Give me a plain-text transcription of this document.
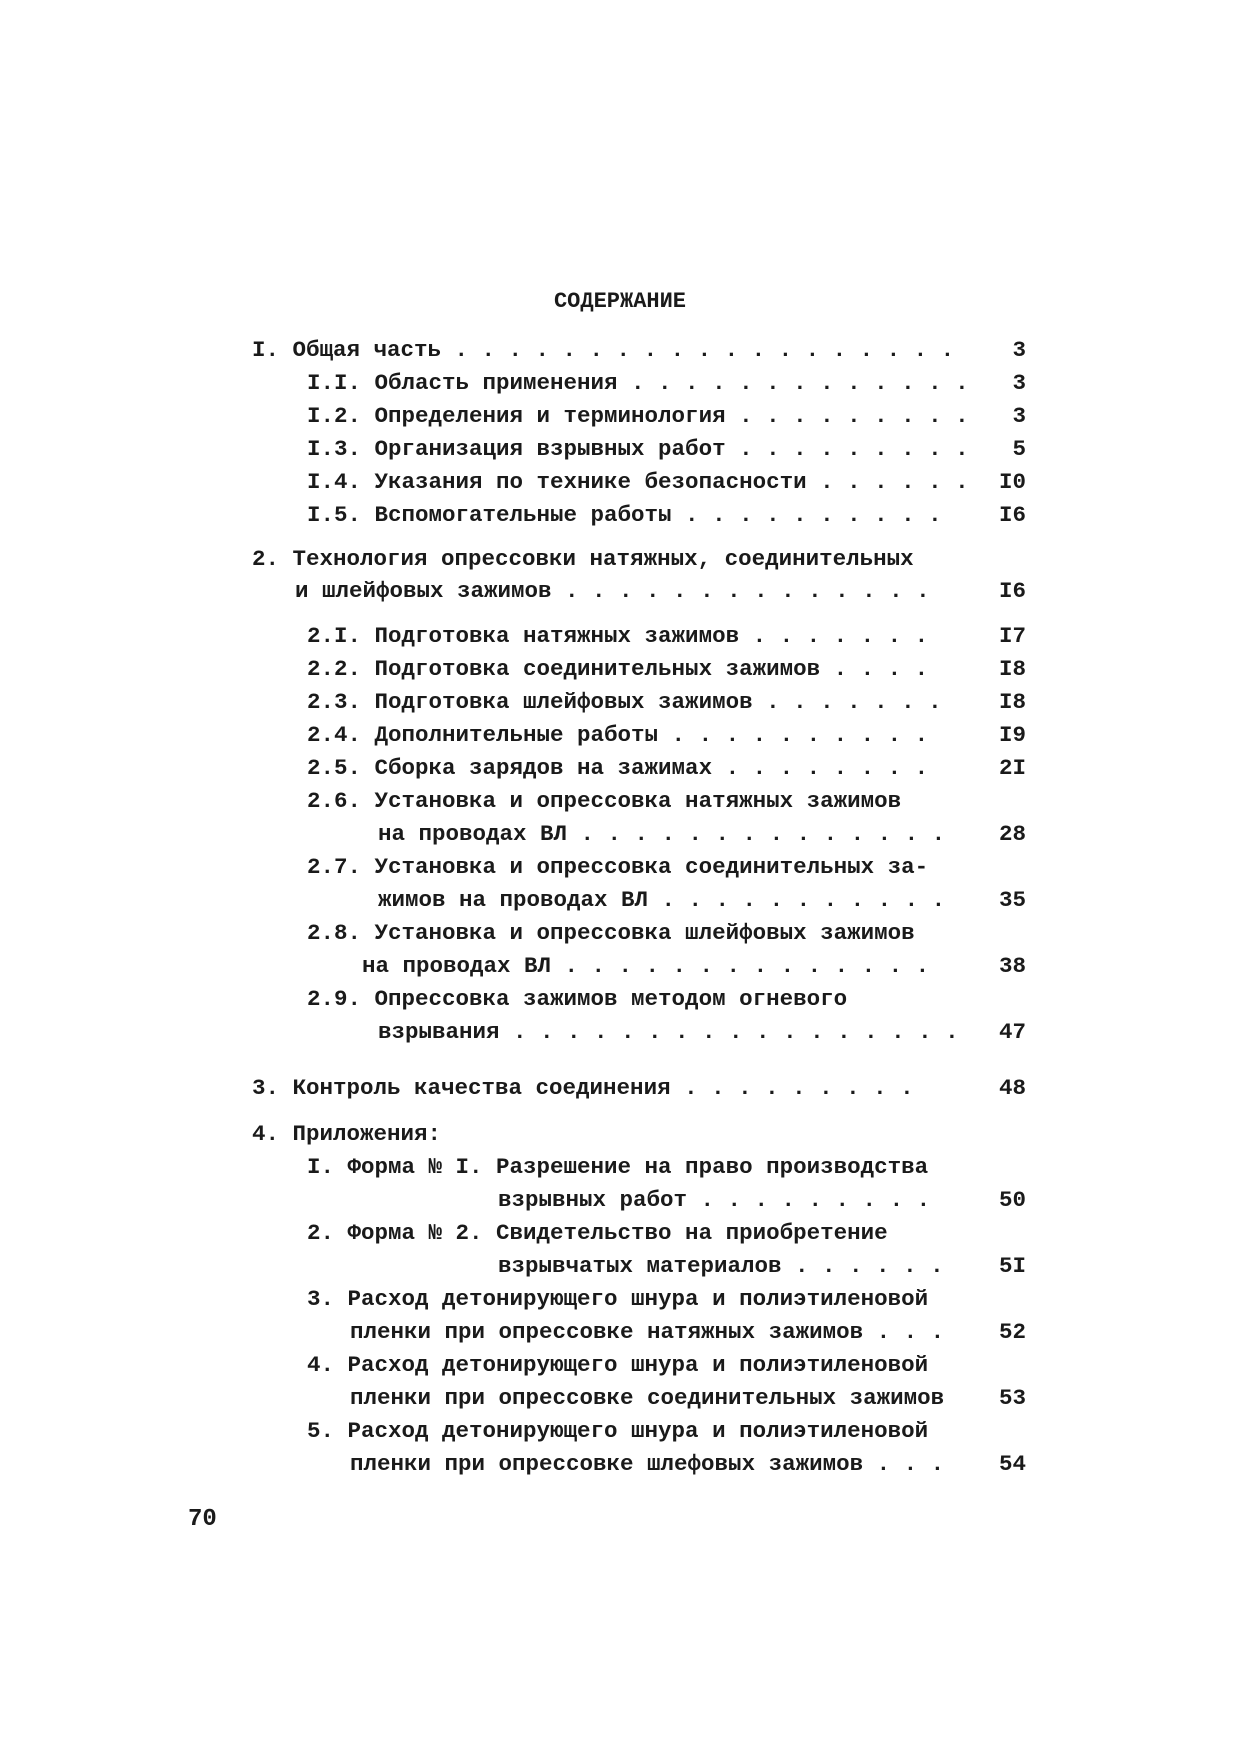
СОДЕРЖАНИЕ
I. Общая часть . . . . . . . . . . . . . . . . . . .	3
I.I. Область применения . . . . . . . . . . . . . 3
I.2. Определения и терминология . . . . . . . . . 3
I.3. Организация взрывных работ . . . . . . . . . 5
I.4. Указания по технике безопасности . . . . . . I0
I.5. Вспомогательные работы . . . . . . . . . .	I6
2. Технология опрессовки натяжных, соединительных
и шлейфовых зажимов . . . . . . . . . . . . . .	I6
2.I. Подготовка натяжных зажимов . . . . . . .	I7
2.2. Подготовка соединительных зажимов . . . .	I8
2.3. Подготовка шлейфовых зажимов . . . . . . .	I8
2.4. Дополнительные работы . . . . . . . . . .	I9
2.5. Сборка зарядов на зажимах . . . . . . . .	2I
2.6. Установка и опрессовка натяжных зажимов
на проводах ВЛ . . . . . . . . . . . . . . 28
2.7. Установка и опрессовка соединительных за-
жимов на проводах ВЛ . . . . . . . . . . . 35
2.8. Установка и опрессовка шлейфовых зажимов
на проводах ВЛ . . . . . . . . . . . . . .	38
2.9. Опрессовка зажимов методом огневого
взрывания . . . . . . . . . . . . . . . . . 47
3. Контроль качества соединения . . . . . . . . .	48
4. Приложения:
I. Форма № I. Разрешение на право производства
взрывных работ . . . . . . . . .	50
2. Форма № 2. Свидетельство на приобретение
взрывчатых материалов . . . . . . 5I
3. Расход детонирующего шнура и полиэтиленовой
пленки при опрессовке натяжных зажимов . . . 52
4. Расход детонирующего шнура и полиэтиленовой
пленки при опрессовке соединительных зажимов 53
5. Расход детонирующего шнура и полиэтиленовой
пленки при опрессовке шлефовых зажимов . . . 54
70
